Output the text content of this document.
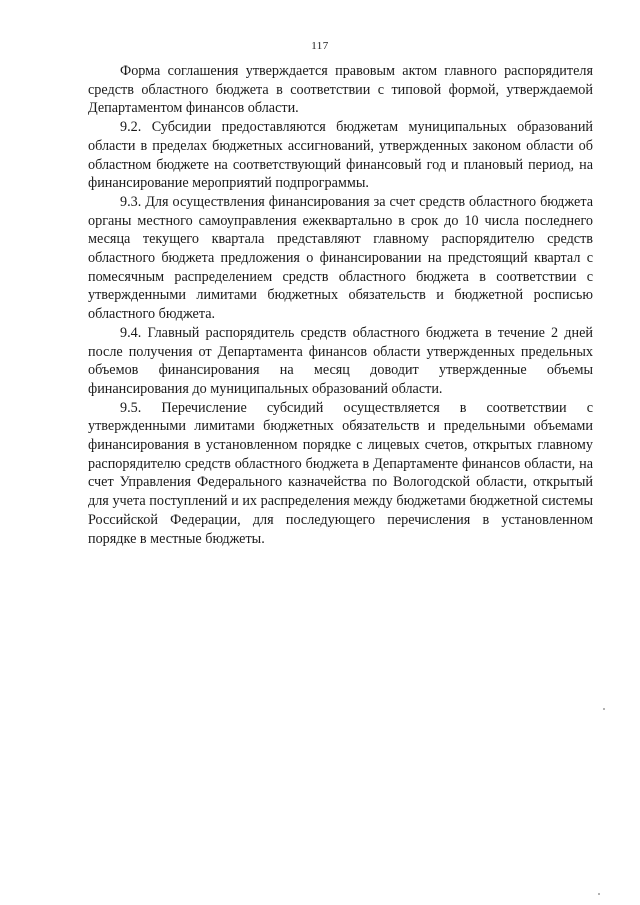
117

Форма соглашения утверждается правовым актом главного распорядителя средств областного бюджета в соответствии с типовой формой, утверждаемой Департаментом финансов области.

9.2. Субсидии предоставляются бюджетам муниципальных образований области в пределах бюджетных ассигнований, утвержденных законом области об областном бюджете на соответствующий финансовый год и плановый период, на финансирование мероприятий подпрограммы.

9.3. Для осуществления финансирования за счет средств областного бюджета органы местного самоуправления ежеквартально в срок до 10 числа последнего месяца текущего квартала представляют главному распорядителю средств областного бюджета предложения о финансировании на предстоящий квартал с помесячным распределением средств областного бюджета в соответствии с утвержденными лимитами бюджетных обязательств и бюджетной росписью областного бюджета.

9.4. Главный распорядитель средств областного бюджета в течение 2 дней после получения от Департамента финансов области утвержденных предельных объемов финансирования на месяц доводит утвержденные объемы финансирования до муниципальных образований области.

9.5. Перечисление субсидий осуществляется в соответствии с утвержденными лимитами бюджетных обязательств и предельными объемами финансирования в установленном порядке с лицевых счетов, открытых главному распорядителю средств областного бюджета в Департаменте финансов области, на счет Управления Федерального казначейства по Вологодской области, открытый для учета поступлений и их распределения между бюджетами бюджетной системы Российской Федерации, для последующего перечисления в установленном порядке в местные бюджеты.
